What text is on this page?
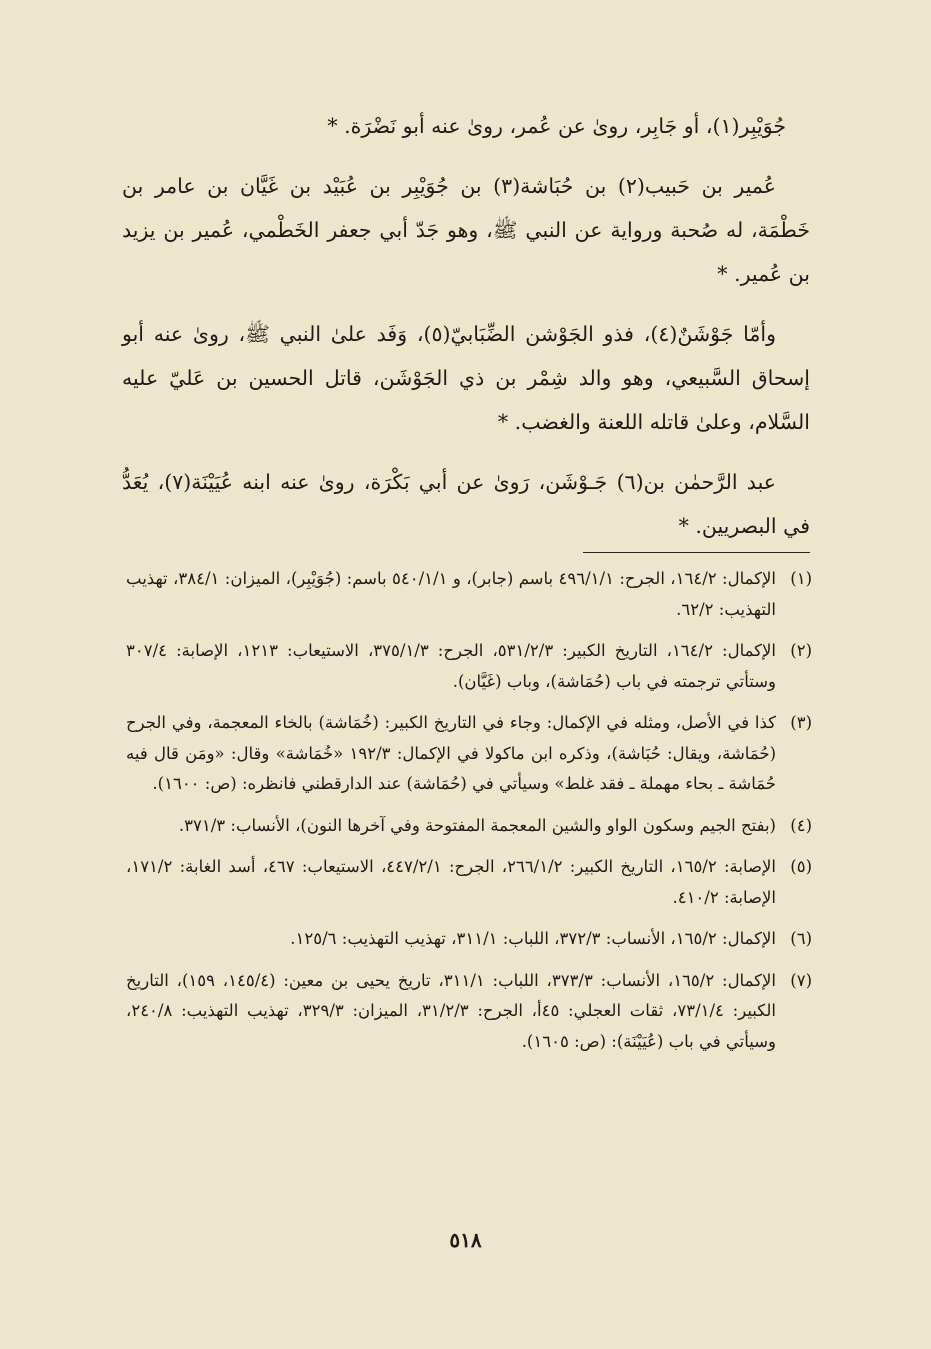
جُوَيْبِر(١)، أو جَابِر، روىٰ عن عُمر، روىٰ عنه أبو نَضْرَة. *

عُمير بن حَبيب(٢) بن حُبَاشة(٣) بن جُوَيْبِر بن عُبَيْد بن غَيَّان بن عامر بن خَطْمَة، له صُحبة ورواية عن النبي ﷺ، وهو جَدّ أبي جعفر الخَطْمي، عُمير بن يزيد بن عُمير. *

وأمّا جَوْشَنٌ(٤)، فذو الجَوْشن الضِّبَابيّ(٥)، وَفَد علىٰ النبي ﷺ، روىٰ عنه أبو إسحاق السَّبيعي، وهو والد شِمْر بن ذي الجَوْشَن، قاتل الحسين بن عَليّ عليه السَّلام، وعلىٰ قاتله اللعنة والغضب. *

عبد الرَّحمٰن بن(٦) جَـوْشَن، رَوىٰ عن أبي بَكْرَة، روىٰ عنه ابنه عُيَيْنَة(٧)، يُعَدُّ في البصريين. *

(١)
الإكمال: ١٦٤/٢، الجرح: ٤٩٦/١/١ باسم (جابر)، و ٥٤٠/١/١ باسم: (جُوَيْبِر)، الميزان: ٣٨٤/١، تهذيب التهذيب: ٦٢/٢.
(٢)
الإكمال: ١٦٤/٢، التاريخ الكبير: ٥٣١/٢/٣، الجرح: ٣٧٥/١/٣، الاستيعاب: ١٢١٣، الإصابة: ٣٠٧/٤ وستأتي ترجمته في باب (حُمَاشة)، وباب (غَيَّان).
(٣)
كذا في الأصل، ومثله في الإكمال: وجاء في التاريخ الكبير: (خُمَاشة) بالخاء المعجمة، وفي الجرح (حُمَاشة، ويقال: حُبَاشة)، وذكره ابن ماكولا في الإكمال: ١٩٢/٣ «خُمَاشة» وقال: «ومَن قال فيه حُمَاشة ـ بحاء مهملة ـ فقد غلط» وسيأتي في (حُمَاشة) عند الدارقطني فانظره: (ص: ١٦٠٠).
(٤)
(بفتح الجيم وسكون الواو والشين المعجمة المفتوحة وفي آخرها النون)، الأنساب: ٣٧١/٣.
(٥)
الإصابة: ١٦٥/٢، التاريخ الكبير: ٢٦٦/١/٢، الجرح: ٤٤٧/٢/١، الاستيعاب: ٤٦٧، أسد الغابة: ١٧١/٢، الإصابة: ٤١٠/٢.
(٦)
الإكمال: ١٦٥/٢، الأنساب: ٣٧٢/٣، اللباب: ٣١١/١، تهذيب التهذيب: ١٢٥/٦.
(٧)
الإكمال: ١٦٥/٢، الأنساب: ٣٧٣/٣، اللباب: ٣١١/١، تاريخ يحيى بن معين: (١٤٥/٤، ١٥٩)، التاريخ الكبير: ٧٣/١/٤، ثقات العجلي: ٤٥أ، الجرح: ٣١/٢/٣، الميزان: ٣٢٩/٣، تهذيب التهذيب: ٢٤٠/٨، وسيأتي في باب (عُيَيْنَة): (ص: ١٦٠٥).
٥١٨
